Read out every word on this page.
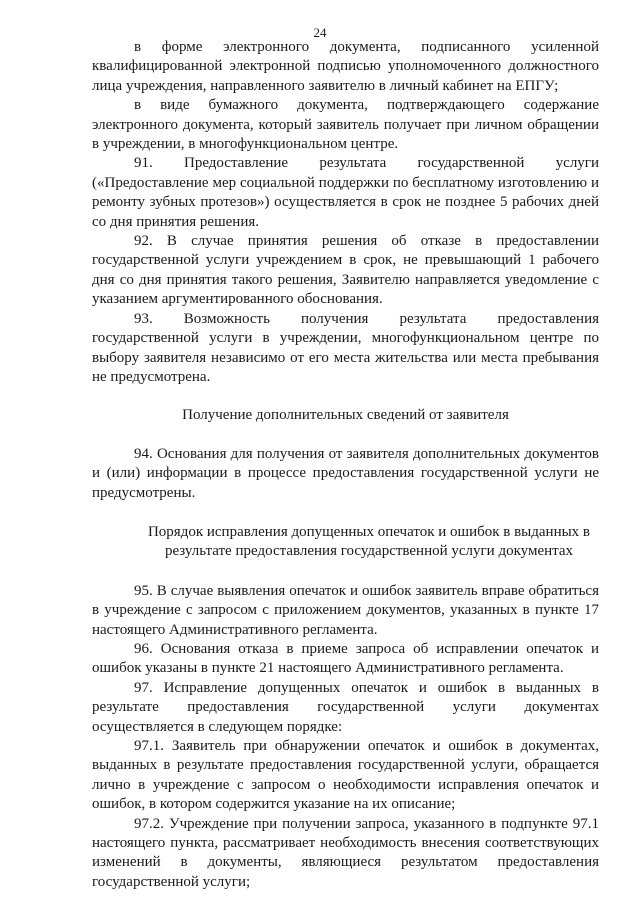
24

в форме электронного документа, подписанного усиленной квалифицированной электронной подписью уполномоченного должностного лица учреждения, направленного заявителю в личный кабинет на ЕПГУ;

в виде бумажного документа, подтверждающего содержание электронного документа, который заявитель получает при личном обращении в учреждении, в многофункциональном центре.

91. Предоставление результата государственной услуги («Предоставление мер социальной поддержки по бесплатному изготовлению и ремонту зубных протезов») осуществляется в срок не позднее 5 рабочих дней со дня принятия решения.

92. В случае принятия решения об отказе в предоставлении государственной услуги учреждением в срок, не превышающий 1 рабочего дня со дня принятия такого решения, Заявителю направляется уведомление с указанием аргументированного обоснования.

93. Возможность получения результата предоставления государственной услуги в учреждении, многофункциональном центре по выбору заявителя независимо от его места жительства или места пребывания не предусмотрена.

Получение дополнительных сведений от заявителя

94. Основания для получения от заявителя дополнительных документов и (или) информации в процессе предоставления государственной услуги не предусмотрены.

Порядок исправления допущенных опечаток и ошибок в выданных в результате предоставления государственной услуги документах

95. В случае выявления опечаток и ошибок заявитель вправе обратиться в учреждение с запросом с приложением документов, указанных в пункте 17 настоящего Административного регламента.

96. Основания отказа в приеме запроса об исправлении опечаток и ошибок указаны в пункте 21 настоящего Административного регламента.

97. Исправление допущенных опечаток и ошибок в выданных в результате предоставления государственной услуги документах осуществляется в следующем порядке:

97.1. Заявитель при обнаружении опечаток и ошибок в документах, выданных в результате предоставления государственной услуги, обращается лично в учреждение с запросом о необходимости исправления опечаток и ошибок, в котором содержится указание на их описание;

97.2. Учреждение при получении запроса, указанного в подпункте 97.1 настоящего пункта, рассматривает необходимость внесения соответствующих изменений в документы, являющиеся результатом предоставления государственной услуги;
